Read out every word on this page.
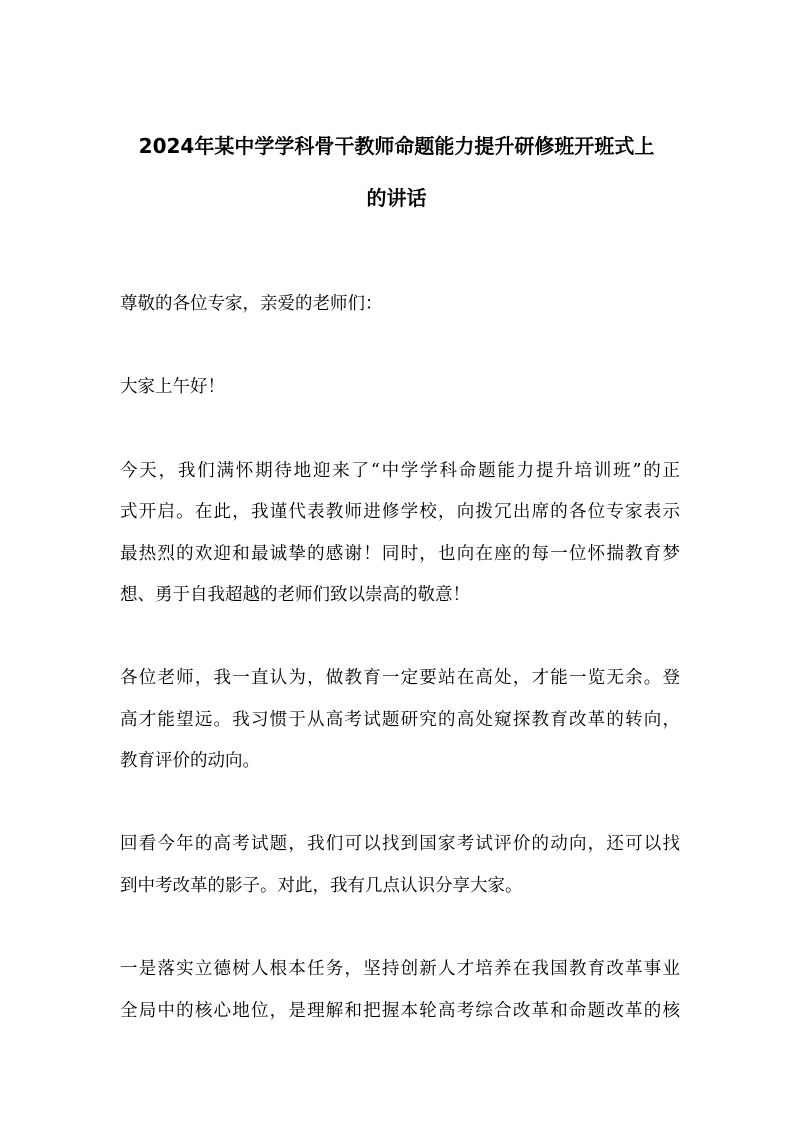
2024年某中学学科骨干教师命题能力提升研修班开班式上
的讲话
尊敬的各位专家，亲爱的老师们：
大家上午好！
今天，我们满怀期待地迎来了“中学学科命题能力提升培训班”的正
式开启。在此，我谨代表教师进修学校，向拨冗出席的各位专家表示
最热烈的欢迎和最诚挚的感谢！同时，也向在座的每一位怀揣教育梦
想、勇于自我超越的老师们致以崇高的敬意！
各位老师，我一直认为，做教育一定要站在高处，才能一览无余。登
高才能望远。我习惯于从高考试题研究的高处窥探教育改革的转向，
教育评价的动向。
回看今年的高考试题，我们可以找到国家考试评价的动向，还可以找
到中考改革的影子。对此，我有几点认识分享大家。
一是落实立德树人根本任务，坚持创新人才培养在我国教育改革事业
全局中的核心地位，是理解和把握本轮高考综合改革和命题改革的核
